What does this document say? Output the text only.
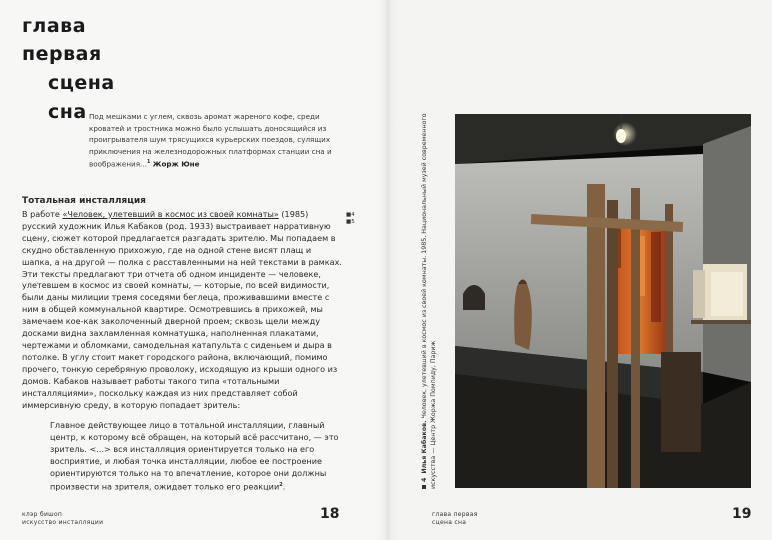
глава
первая
сцена
сна Под мешками с углем, сквозь аромат жареного кофе, среди кроватей и тростника можно было услышать доносящийся из проигрывателя шум трясущихся курьерских поездов, сулящих приключения на железнодорожных платформах станции сна и воображения...$^1$ Жорж Юне
Тотальная инсталляция
В работе «Человек, улетевший в космос из своей комнаты» (1985) русский художник Илья Кабаков (род. 1933) выстраивает нарративную сцену, сюжет которой предлагается разгадать зрителю. Мы попадаем в скудно обставленную прихожую, где на одной стене висят плащ и шапка, а на другой — полка с расставленными на ней текстами в рамках. Эти тексты предлагают три отчета об одном инциденте — человеке, улетевшем в космос из своей комнаты, — которые, по всей видимости, были даны милиции тремя соседями беглеца, проживавшими вместе с ним в общей коммунальной квартире. Осмотревшись в прихожей, мы замечаем кое-как заколоченный дверной проем; сквозь щели между досками видна захламленная комнатушка, наполненная плакатами, чертежами и обломками, самодельная катапульта с сиденьем и дыра в потолке. В углу стоит макет городского района, включающий, помимо прочего, тонкую серебряную проволоку, исходящую из крыши одного из домов. Кабаков называет работы такого типа «тотальными инсталляциями», поскольку каждая из них представляет собой иммерсивную среду, в которую попадает зритель:
Главное действующее лицо в тотальной инсталляции, главный центр, к которому всё обращен, на который всё рассчитано, — это зритель. <...> вся инсталляция ориентируется только на его восприятие, и любая точка инсталляции, любое ее построение ориентируются только на то впечатление, которое они должны произвести на зрителя, ожидает только его реакции$^2$.
■4
■5
клэр бишоп
искусство инсталляции	18
4  Илья Кабаков. Человек, улетевший в космос из своей комнаты. 1985. Национальный музей современного искусства — Центр Жоржа Помпиду, Париж
глава первая
сцена сна	19
